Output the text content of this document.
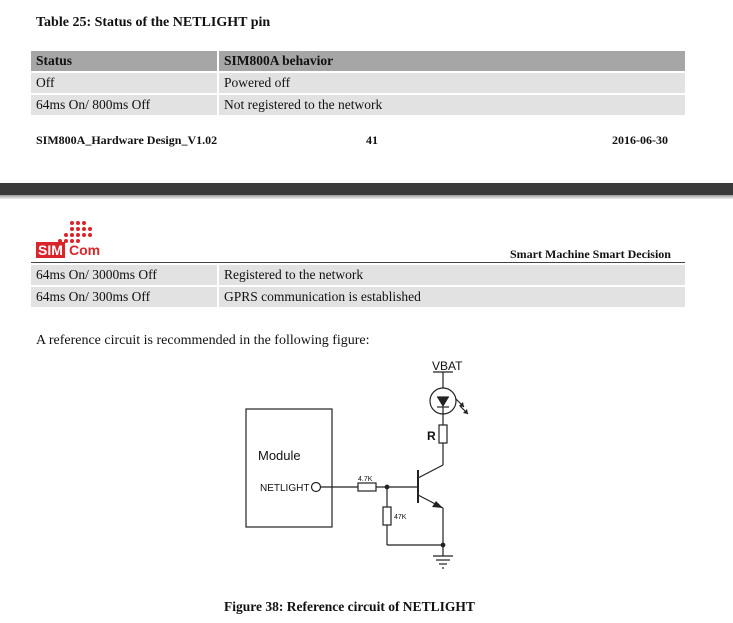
Table 25: Status of the NETLIGHT pin
Status	SIM800A behavior
Off	Powered off
64ms On/ 800ms Off	Not registered to the network
SIM800A_Hardware Design_V1.02	41	2016-06-30
SIM Com	Smart Machine Smart Decision
64ms On/ 3000ms Off	Registered to the network
64ms On/ 300ms Off	GPRS communication is established
A reference circuit is recommended in the following figure:
VBAT
R
Module
NETLIGHT
4.7K
47K
Figure 38: Reference circuit of NETLIGHT
